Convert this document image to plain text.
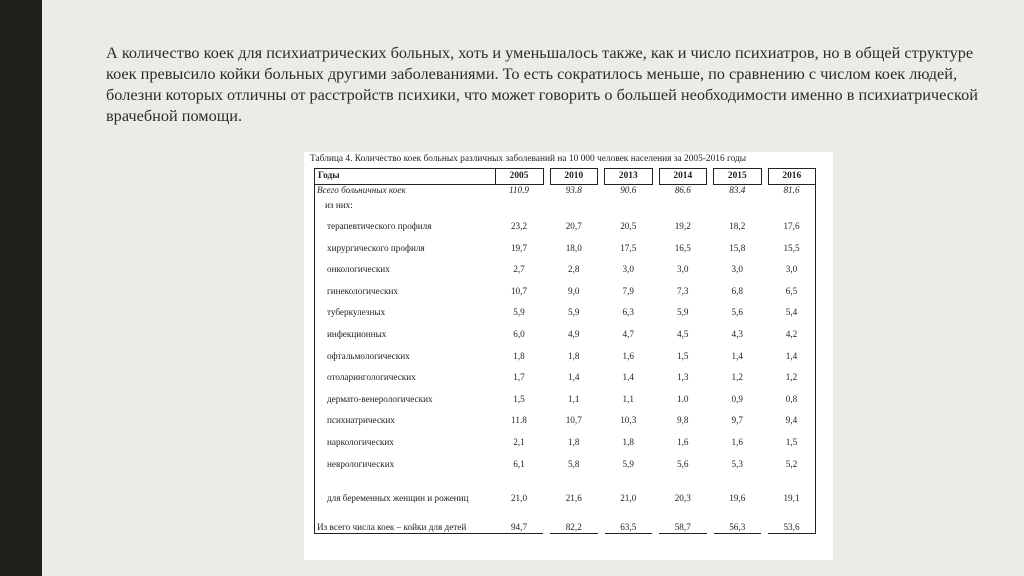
А количество коек для психиатрических больных, хоть и уменьшалось также, как и число психиатров, но в общей структуре коек превысило койки больных другими заболеваниями. То есть сократилось меньше, по сравнению с числом коек людей, болезни которых отличны от расстройств психики, что может говорить о большей необходимости именно в психиатрической врачебной помощи.

Таблица 4. Количество коек больных различных заболеваний на 10 000 человек населения за 2005-2016 годы
Годы	2005		2010		2013		2014		2015		2016
Всего больничных коек	110.9		93.8		90.6		86.6		83.4		81.6
из них:											
терапевтического профиля	23,2		20,7		20,5		19,2		18,2		17,6
хирургического профиля	19,7		18,0		17,5		16,5		15,8		15,5
онкологических	2,7		2,8		3,0		3,0		3,0		3,0
гинекологических	10,7		9,0		7,9		7,3		6,8		6,5
туберкулезных	5,9		5,9		6,3		5,9		5,6		5,4
инфекционных	6,0		4,9		4,7		4,5		4,3		4,2
офтальмологических	1,8		1,8		1,6		1,5		1,4		1,4
отоларингологических	1,7		1,4		1,4		1,3		1,2		1,2
дермато-венерологических	1,5		1,1		1,1		1.0		0,9		0,8
психиатрических	11.8		10,7		10,3		9,8		9,7		9,4
наркологических	2,1		1,8		1,8		1,6		1,6		1,5
неврологических	6,1		5,8		5,9		5,6		5,3		5,2
для беременных женщин и рожениц	21,0		21,6		21,0		20,3		19,6		19,1
Из всего числа коек – койки для детей	94,7		82,2		63,5		58,7		56,3		53,6
